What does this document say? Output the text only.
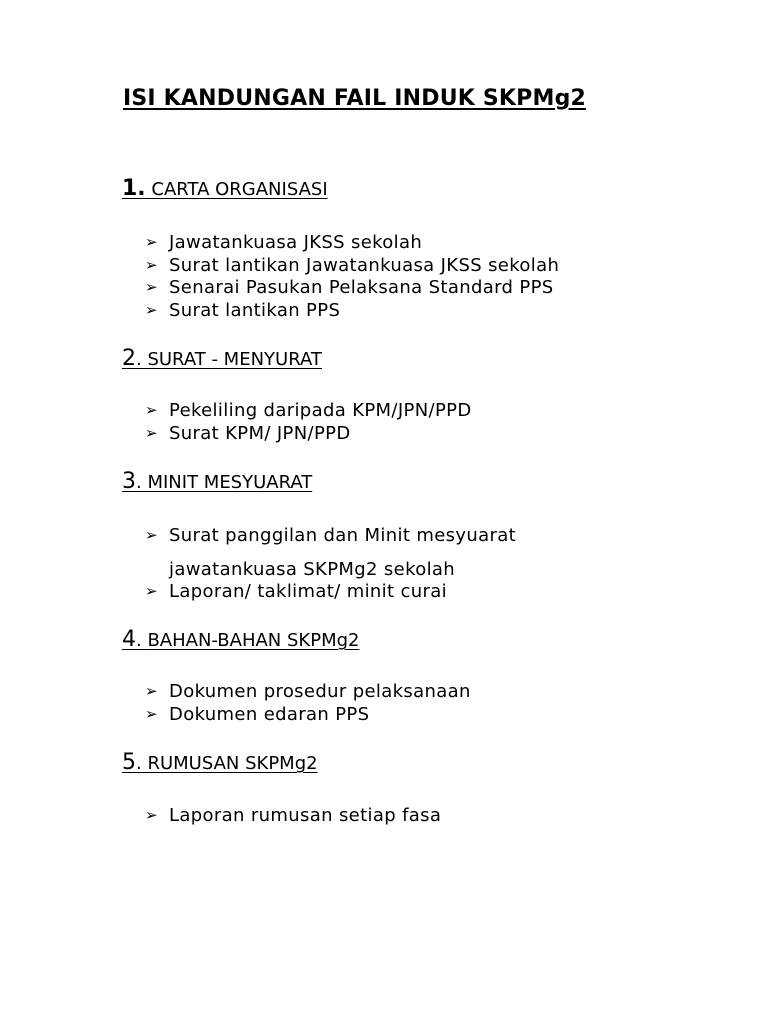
ISI KANDUNGAN FAIL INDUK SKPMg2
1. CARTA ORGANISASI
➢ Jawatankuasa JKSS sekolah
➢ Surat lantikan Jawatankuasa JKSS sekolah
➢ Senarai Pasukan Pelaksana Standard PPS
➢ Surat lantikan PPS
2. SURAT - MENYURAT
➢ Pekeliling daripada KPM/JPN/PPD
➢ Surat KPM/ JPN/PPD
3. MINIT MESYUARAT
➢ Surat panggilan dan Minit mesyuarat
jawatankuasa SKPMg2 sekolah
➢ Laporan/ taklimat/ minit curai
4. BAHAN-BAHAN SKPMg2
➢ Dokumen prosedur pelaksanaan
➢ Dokumen edaran PPS
5. RUMUSAN SKPMg2
➢ Laporan rumusan setiap fasa
